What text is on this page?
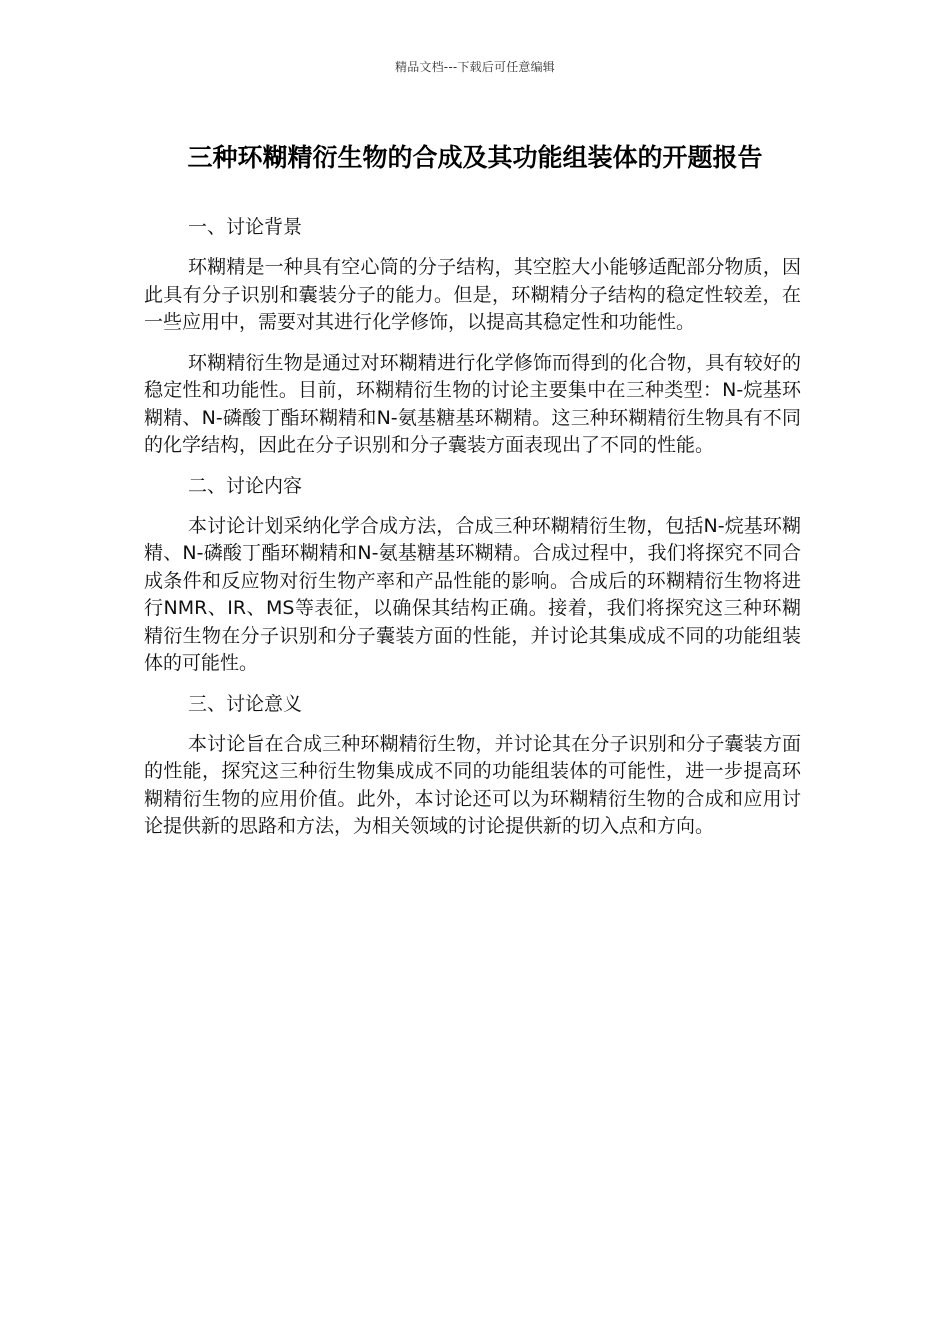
精品文档---下载后可任意编辑
三种环糊精衍生物的合成及其功能组装体的开题报告

一、讨论背景

环糊精是一种具有空心筒的分子结构，其空腔大小能够适配部分物质，因此具有分子识别和囊装分子的能力。但是，环糊精分子结构的稳定性较差，在一些应用中，需要对其进行化学修饰，以提高其稳定性和功能性。

环糊精衍生物是通过对环糊精进行化学修饰而得到的化合物，具有较好的稳定性和功能性。目前，环糊精衍生物的讨论主要集中在三种类型：N-烷基环糊精、N-磷酸丁酯环糊精和N-氨基糖基环糊精。这三种环糊精衍生物具有不同的化学结构，因此在分子识别和分子囊装方面表现出了不同的性能。

二、讨论内容

本讨论计划采纳化学合成方法，合成三种环糊精衍生物，包括N-烷基环糊精、N-磷酸丁酯环糊精和N-氨基糖基环糊精。合成过程中，我们将探究不同合成条件和反应物对衍生物产率和产品性能的影响。合成后的环糊精衍生物将进行NMR、IR、MS等表征，以确保其结构正确。接着，我们将探究这三种环糊精衍生物在分子识别和分子囊装方面的性能，并讨论其集成成不同的功能组装体的可能性。

三、讨论意义

本讨论旨在合成三种环糊精衍生物，并讨论其在分子识别和分子囊装方面的性能，探究这三种衍生物集成成不同的功能组装体的可能性，进一步提高环糊精衍生物的应用价值。此外，本讨论还可以为环糊精衍生物的合成和应用讨论提供新的思路和方法，为相关领域的讨论提供新的切入点和方向。
